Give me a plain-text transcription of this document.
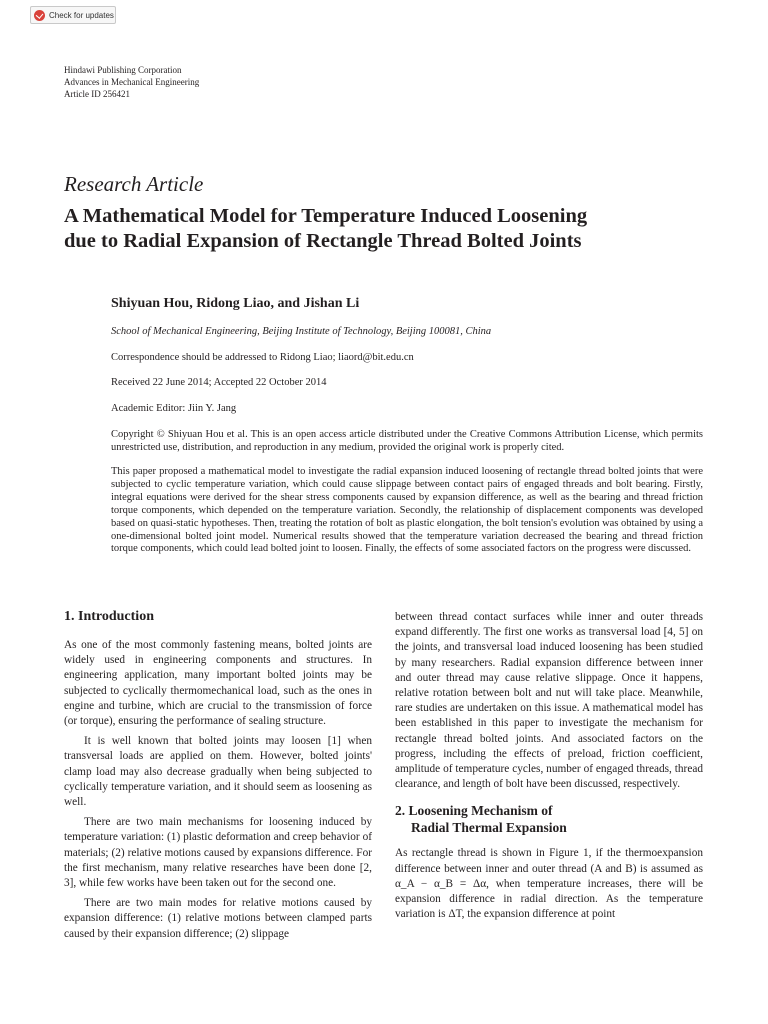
Check for updates
Hindawi Publishing Corporation
Advances in Mechanical Engineering
Article ID 256421
Research Article
A Mathematical Model for Temperature Induced Loosening
due to Radial Expansion of Rectangle Thread Bolted Joints
Shiyuan Hou, Ridong Liao, and Jishan Li
School of Mechanical Engineering, Beijing Institute of Technology, Beijing 100081, China
Correspondence should be addressed to Ridong Liao; liaord@bit.edu.cn
Received 22 June 2014; Accepted 22 October 2014
Academic Editor: Jiin Y. Jang
Copyright © Shiyuan Hou et al. This is an open access article distributed under the Creative Commons Attribution License, which permits unrestricted use, distribution, and reproduction in any medium, provided the original work is properly cited.
This paper proposed a mathematical model to investigate the radial expansion induced loosening of rectangle thread bolted joints that were subjected to cyclic temperature variation, which could cause slippage between contact pairs of engaged threads and bolt bearing. Firstly, integral equations were derived for the shear stress components caused by expansion difference, as well as the bearing and thread friction torque components, which depended on the temperature variation. Secondly, the relationship of displacement components was developed based on quasi-static hypotheses. Then, treating the rotation of bolt as plastic elongation, the bolt tension's evolution was obtained by using a one-dimensional bolted joint model. Numerical results showed that the temperature variation decreased the bearing and thread friction torque components, which could lead bolted joint to loosen. Finally, the effects of some associated factors on the progress were discussed.
1. Introduction

As one of the most commonly fastening means, bolted joints are widely used in engineering components and structures. In engineering application, many important bolted joints may be subjected to cyclically thermomechanical load, such as the ones in engine and turbine, which are crucial to the transmission of force (or torque), ensuring the performance of sealing structure.

It is well known that bolted joints may loosen [1] when transversal loads are applied on them. However, bolted joints' clamp load may also decrease gradually when being subjected to cyclically temperature variation, and it should seem as loosening as well.

There are two main mechanisms for loosening induced by temperature variation: (1) plastic deformation and creep behavior of materials; (2) relative motions caused by expansions difference. For the first mechanism, many relative researches have been done [2, 3], while few works have been taken out for the second one.

There are two main modes for relative motions caused by expansion difference: (1) relative motions between clamped parts caused by their expansion difference; (2) slippage

between thread contact surfaces while inner and outer threads expand differently. The first one works as transversal load [4, 5] on the joints, and transversal load induced loosening has been studied by many researchers. Radial expansion difference between inner and outer thread may cause relative slippage. Once it happens, relative rotation between bolt and nut will take place. Meanwhile, rare studies are undertaken on this issue. A mathematical model has been established in this paper to investigate the mechanism for rectangle thread bolted joints. And associated factors on the progress, including the effects of preload, friction coefficient, amplitude of temperature cycles, number of engaged threads, thread clearance, and length of bolt have been discussed, respectively.

2. Loosening Mechanism of
Radial Thermal Expansion

As rectangle thread is shown in Figure 1, if the thermoexpansion difference between inner and outer thread (A and B) is assumed as α_A − α_B = Δα, when temperature increases, there will be expansion difference in radial direction. As the temperature variation is ΔT, the expansion difference at point
